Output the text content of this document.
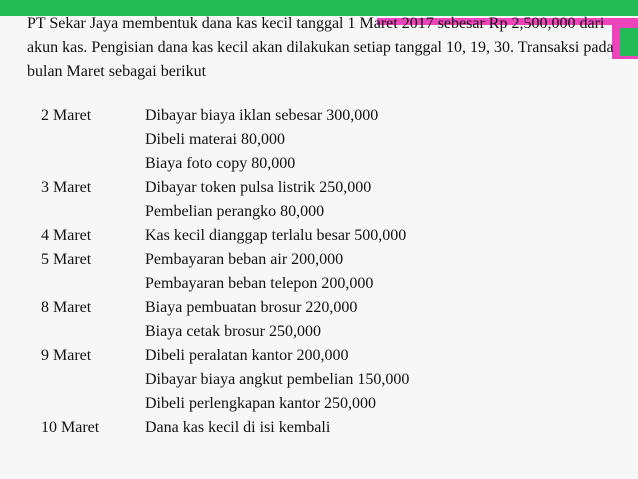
PT Sekar Jaya membentuk dana kas kecil tanggal 1 Maret 2017 sebesar Rp 2,500,000 dari akun kas. Pengisian dana kas kecil akan dilakukan setiap tanggal 10, 19, 30. Transaksi pada bulan Maret sebagai berikut

2 Maret	Dibayar biaya iklan sebesar 300,000
	Dibeli materai 80,000
	Biaya foto copy 80,000
3 Maret	Dibayar token pulsa listrik 250,000
	Pembelian perangko 80,000
4 Maret	Kas kecil dianggap terlalu besar 500,000
5 Maret	Pembayaran beban air 200,000
	Pembayaran beban telepon 200,000
8 Maret	Biaya pembuatan brosur 220,000
	Biaya cetak brosur 250,000
9 Maret	Dibeli peralatan kantor 200,000
	Dibayar biaya angkut pembelian 150,000
	Dibeli perlengkapan kantor 250,000
10 Maret	Dana kas kecil di isi kembali
